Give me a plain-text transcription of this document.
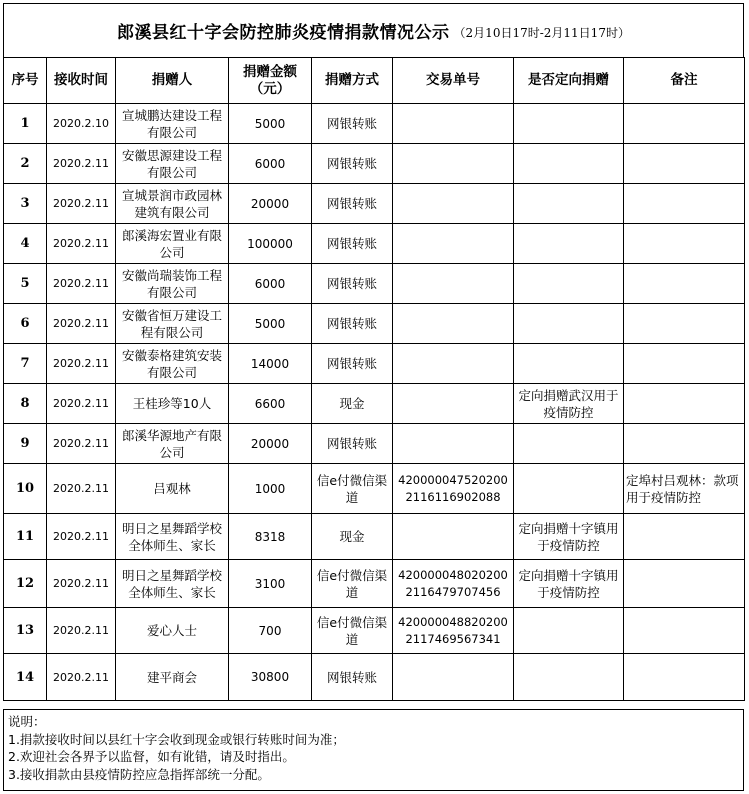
郎溪县红十字会防控肺炎疫情捐款情况公示 （2月10日17时-2月11日17时）
序号	接收时间	捐赠人	捐赠金额（元）	捐赠方式	交易单号	是否定向捐赠	备注
1	2020.2.10	宣城鹏达建设工程有限公司	5000	网银转账			
2	2020.2.11	安徽思源建设工程有限公司	6000	网银转账			
3	2020.2.11	宣城景润市政园林建筑有限公司	20000	网银转账			
4	2020.2.11	郎溪海宏置业有限公司	100000	网银转账			
5	2020.2.11	安徽尚瑞装饰工程有限公司	6000	网银转账			
6	2020.2.11	安徽省恒万建设工程有限公司	5000	网银转账			
7	2020.2.11	安徽泰格建筑安装有限公司	14000	网银转账			
8	2020.2.11	王桂珍等10人	6600	现金		定向捐赠武汉用于疫情防控	
9	2020.2.11	郎溪华源地产有限公司	20000	网银转账			
10	2020.2.11	吕观林	1000	信e付微信渠道	4200000475202002116116902088		定埠村吕观林：款项用于疫情防控
11	2020.2.11	明日之星舞蹈学校全体师生、家长	8318	现金		定向捐赠十字镇用于疫情防控	
12	2020.2.11	明日之星舞蹈学校全体师生、家长	3100	信e付微信渠道	4200000480202002116479707456	定向捐赠十字镇用于疫情防控	
13	2020.2.11	爱心人士	700	信e付微信渠道	4200000488202002117469567341		
14	2020.2.11	建平商会	30800	网银转账			
说明：
1.捐款接收时间以县红十字会收到现金或银行转账时间为准；
2.欢迎社会各界予以监督，如有讹错，请及时指出。
3.接收捐款由县疫情防控应急指挥部统一分配。
